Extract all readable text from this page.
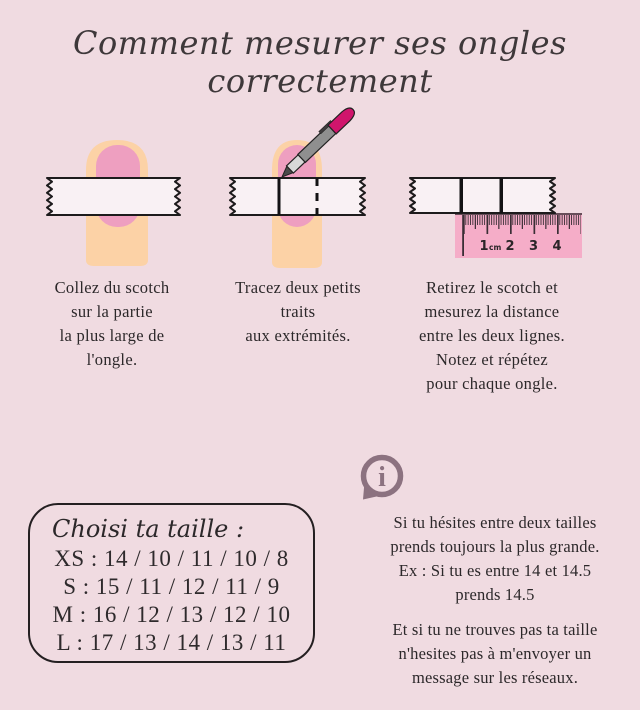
Comment mesurer ses ongles correctement
1 cm 2 3 4
Collez du scotch
sur la partie
la plus large de
l'ongle.
Tracez deux petits
traits
aux extrémités.
Retirez le scotch et
mesurez la distance
entre les deux lignes.
Notez et répétez
pour chaque ongle.
Choisi ta taille :
XS : 14 / 10 / 11 / 10 / 8
S : 15 / 11 / 12 / 11 / 9
M : 16 / 12 / 13 / 12 / 10
L : 17 / 13 / 14 / 13 / 11
i
Si tu hésites entre deux tailles
prends toujours la plus grande.
Ex : Si tu es entre 14 et 14.5
prends 14.5
Et si tu ne trouves pas ta taille
n'hesites pas à m'envoyer un
message sur les réseaux.
